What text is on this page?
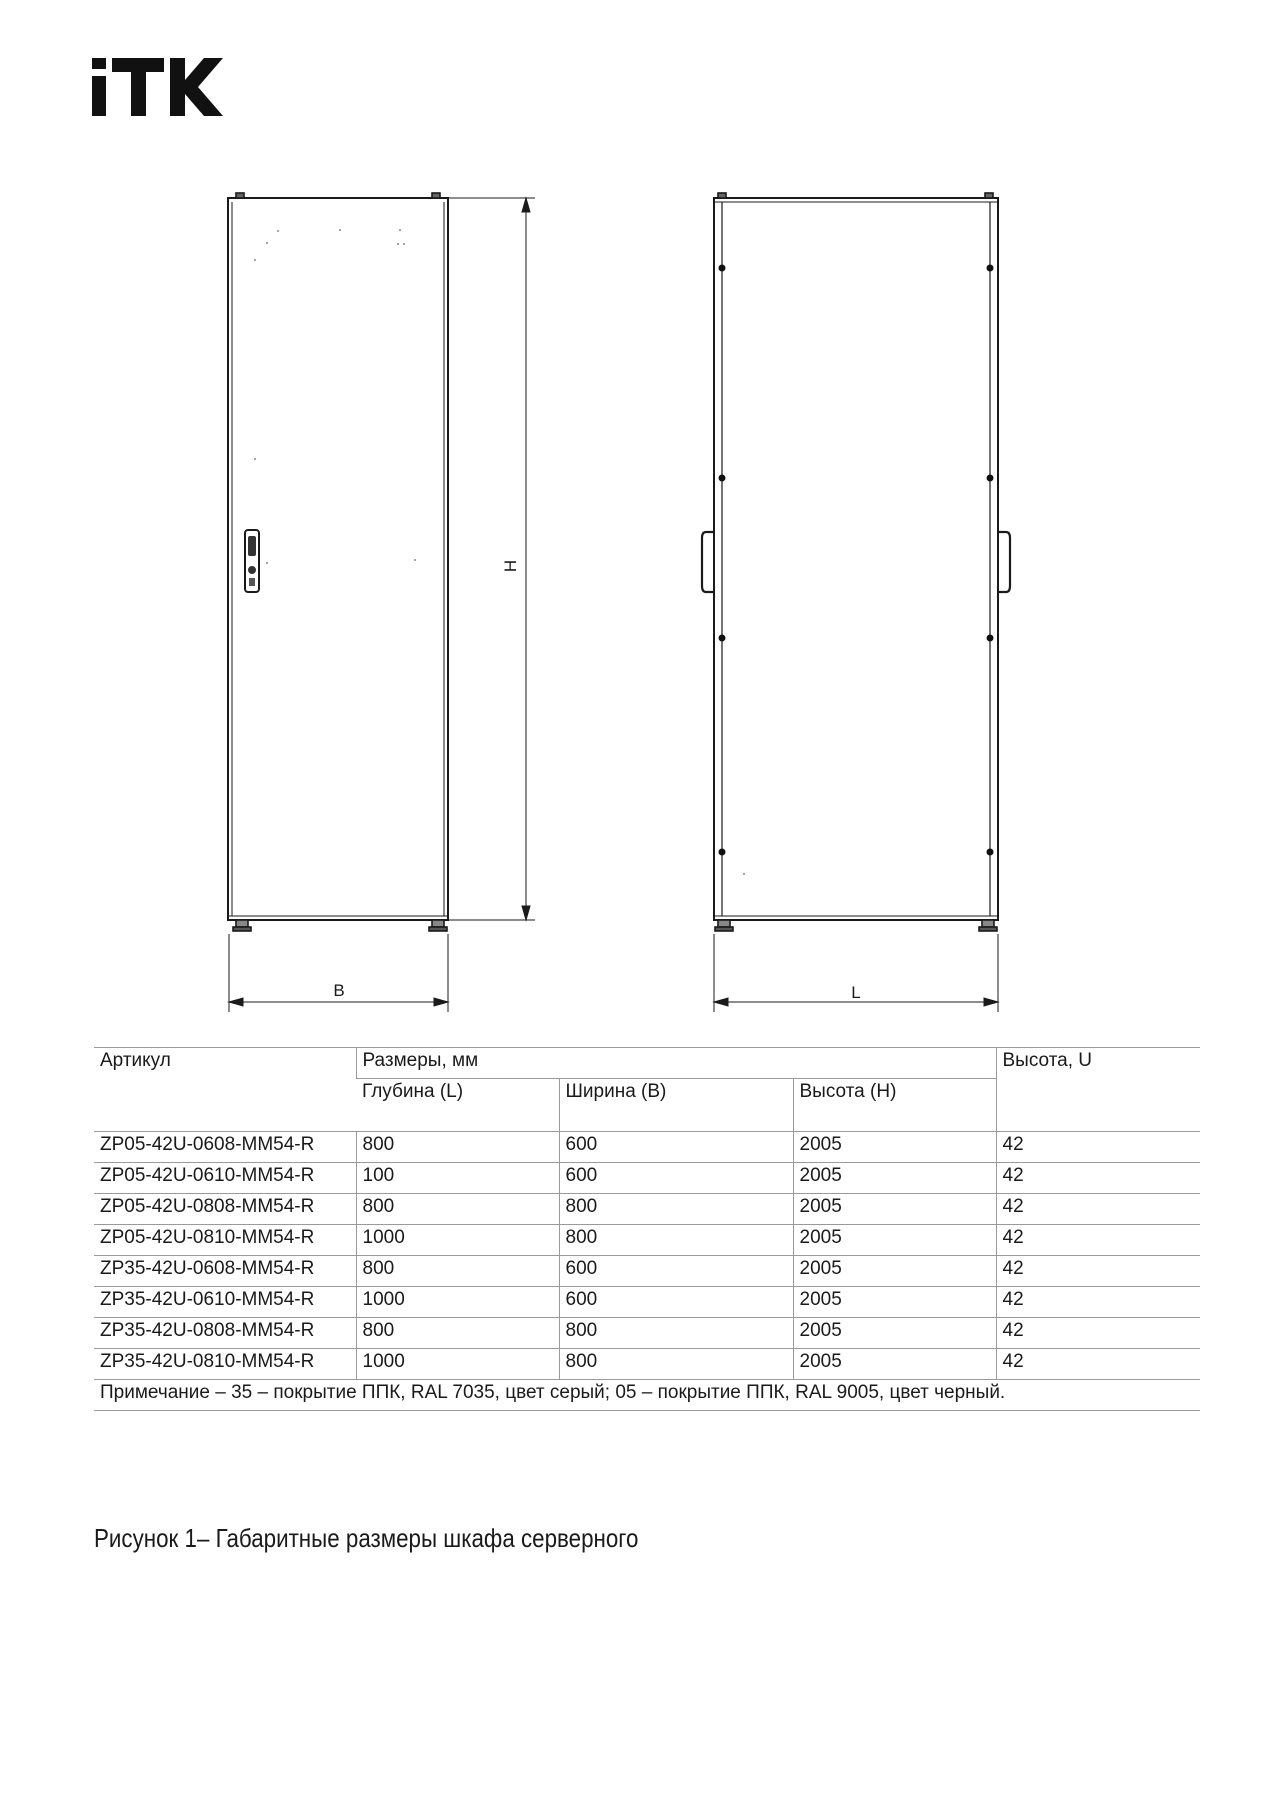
H
B	L
Артикул	Размеры, мм			Высота, U
	Глубина (L)	Ширина (B)	Высота (H)	
ZP05-42U-0608-MM54-R	800	600	2005	42
ZP05-42U-0610-MM54-R	100	600	2005	42
ZP05-42U-0808-MM54-R	800	800	2005	42
ZP05-42U-0810-MM54-R	1000	800	2005	42
ZP35-42U-0608-MM54-R	800	600	2005	42
ZP35-42U-0610-MM54-R	1000	600	2005	42
ZP35-42U-0808-MM54-R	800	800	2005	42
ZP35-42U-0810-MM54-R	1000	800	2005	42
Примечание – 35 – покрытие ППК, RAL 7035, цвет серый; 05 – покрытие ППК, RAL 9005, цвет черный.				
Рисунок 1– Габаритные размеры шкафа серверного
